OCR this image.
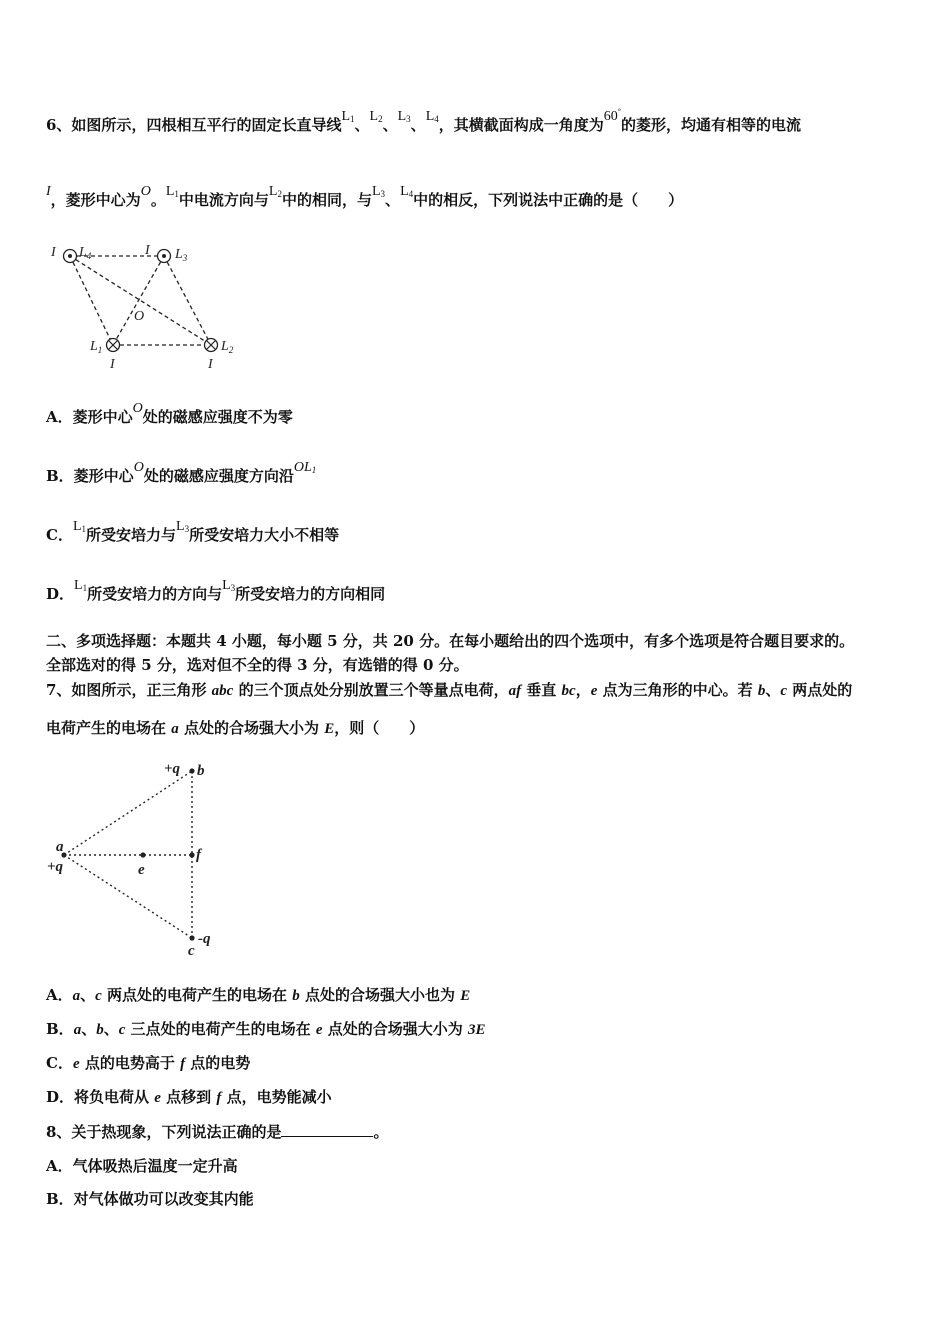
6、如图所示，四根相互平行的固定长直导线L1、L2、L3、L4，其横截面构成一角度为60°的菱形，均通有相等的电流
I，菱形中心为O。L1中电流方向与L2中的相同，与L3、L4中的相反，下列说法中正确的是（　　）
I $L_4$	I $L_3$
O
$L_1$	$L_2$
I	I
A．菱形中心O处的磁感应强度不为零
B．菱形中心O处的磁感应强度方向沿OL1
C．L1所受安培力与L3所受安培力大小不相等
D．L1所受安培力的方向与L3所受安培力的方向相同
二、多项选择题：本题共 4 小题，每小题 5 分，共 20 分。在每小题给出的四个选项中，有多个选项是符合题目要求的。
全部选对的得 5 分，选对但不全的得 3 分，有选错的得 0 分。
7、如图所示，正三角形 abc 的三个顶点处分别放置三个等量点电荷，af 垂直 bc，e 点为三角形的中心。若 b、c 两点处的
电荷产生的电场在 a 点处的合场强大小为 E，则（　　）
+q b
a
+q	e
f
-q
c
A．a、c 两点处的电荷产生的电场在 b 点处的合场强大小也为 E
B．a、b、c 三点处的电荷产生的电场在 e 点处的合场强大小为 3E
C．e 点的电势高于 f 点的电势
D．将负电荷从 e 点移到 f 点，电势能减小
8、关于热现象，下列说法正确的是	。
A．气体吸热后温度一定升高
B．对气体做功可以改变其内能
